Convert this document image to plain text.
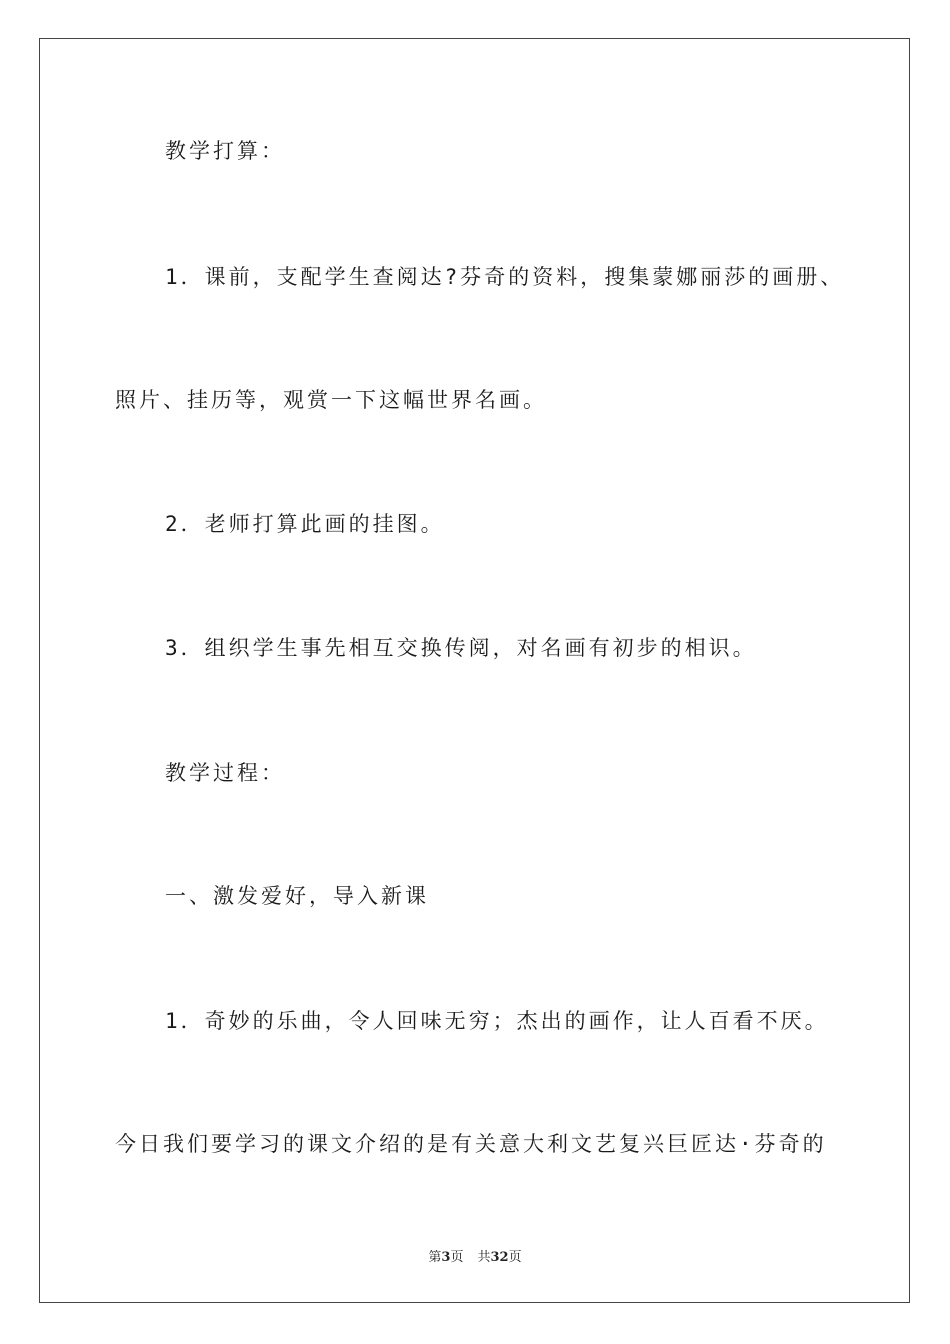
教学打算：
1．课前，支配学生查阅达?芬奇的资料，搜集蒙娜丽莎的画册、
照片、挂历等，观赏一下这幅世界名画。
2．老师打算此画的挂图。
3．组织学生事先相互交换传阅，对名画有初步的相识。
教学过程：
一、激发爱好，导入新课
1．奇妙的乐曲，令人回味无穷；杰出的画作，让人百看不厌。
今日我们要学习的课文介绍的是有关意大利文艺复兴巨匠达·芬奇的
第3页 共32页
